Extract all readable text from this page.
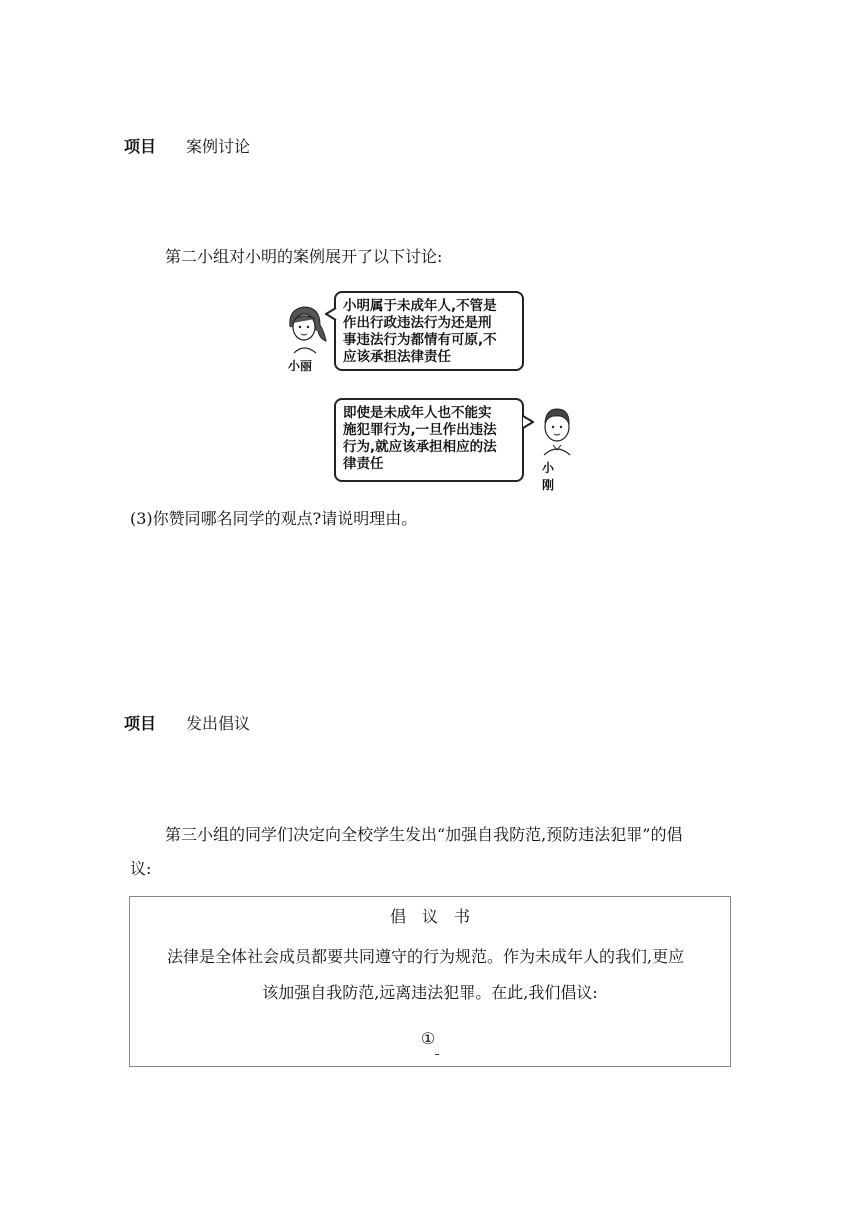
项目 案例讨论
第二小组对小明的案例展开了以下讨论:
小丽
小明属于未成年人,不管是
作出行政违法行为还是刑
事违法行为都情有可原,不
应该承担法律责任
即使是未成年人也不能实
施犯罪行为,一旦作出违法
行为,就应该承担相应的法
律责任	小刚
(3)你赞同哪名同学的观点?请说明理由。
项目 发出倡议
第三小组的同学们决定向全校学生发出“加强自我防范,预防违法犯罪”的倡
议:
倡　议　书
法律是全体社会成员都要共同遵守的行为规范。作为未成年人的我们,更应
该加强自我防范,远离违法犯罪。在此,我们倡议:
①
